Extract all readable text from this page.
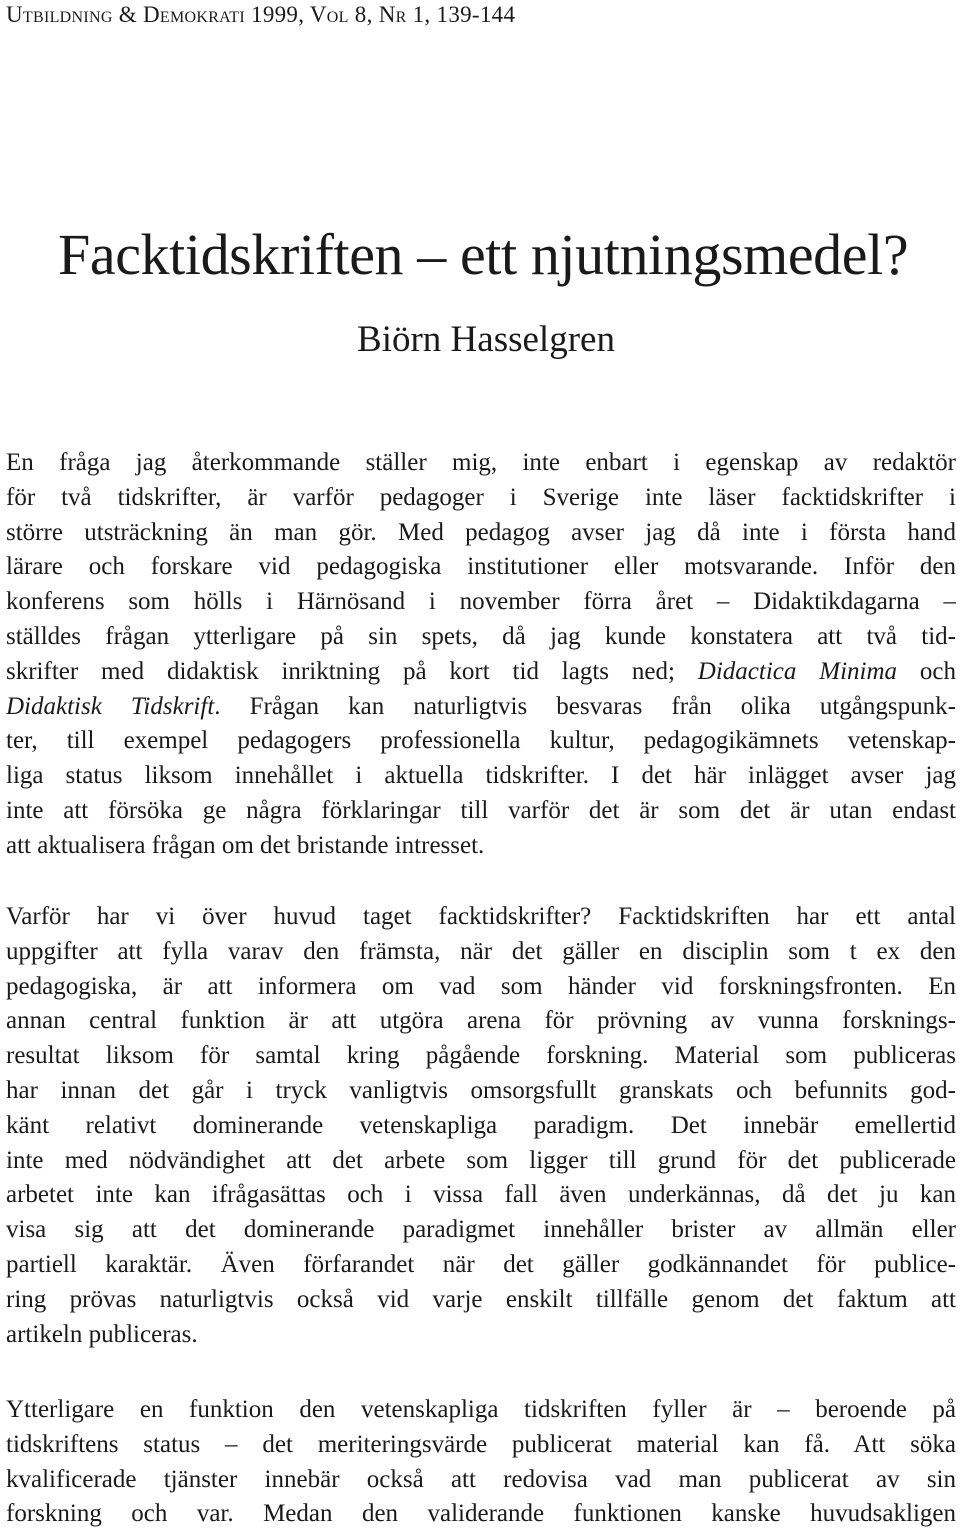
Utbildning & Demokrati 1999, Vol 8, Nr 1, 139-144
Facktidskriften – ett njutningsmedel?
Biörn Hasselgren

En fråga jag återkommande ställer mig, inte enbart i egenskap av redaktör
för två tidskrifter, är varför pedagoger i Sverige inte läser facktidskrifter i
större utsträckning än man gör. Med pedagog avser jag då inte i första hand
lärare och forskare vid pedagogiska institutioner eller motsvarande. Inför den
konferens som hölls i Härnösand i november förra året – Didaktikdagarna –
ställdes frågan ytterligare på sin spets, då jag kunde konstatera att två tid-
skrifter med didaktisk inriktning på kort tid lagts ned; Didactica Minima och
Didaktisk Tidskrift. Frågan kan naturligtvis besvaras från olika utgångspunk-
ter, till exempel pedagogers professionella kultur, pedagogikämnets vetenskap-
liga status liksom innehållet i aktuella tidskrifter. I det här inlägget avser jag
inte att försöka ge några förklaringar till varför det är som det är utan endast
att aktualisera frågan om det bristande intresset.

Varför har vi över huvud taget facktidskrifter? Facktidskriften har ett antal
uppgifter att fylla varav den främsta, när det gäller en disciplin som t ex den
pedagogiska, är att informera om vad som händer vid forskningsfronten. En
annan central funktion är att utgöra arena för prövning av vunna forsknings-
resultat liksom för samtal kring pågående forskning. Material som publiceras
har innan det går i tryck vanligtvis omsorgsfullt granskats och befunnits god-
känt relativt dominerande vetenskapliga paradigm. Det innebär emellertid
inte med nödvändighet att det arbete som ligger till grund för det publicerade
arbetet inte kan ifrågasättas och i vissa fall även underkännas, då det ju kan
visa sig att det dominerande paradigmet innehåller brister av allmän eller
partiell karaktär. Även förfarandet när det gäller godkännandet för publice-
ring prövas naturligtvis också vid varje enskilt tillfälle genom det faktum att
artikeln publiceras.

Ytterligare en funktion den vetenskapliga tidskriften fyller är – beroende på
tidskriftens status – det meriteringsvärde publicerat material kan få. Att söka
kvalificerade tjänster innebär också att redovisa vad man publicerat av sin
forskning och var. Medan den validerande funktionen kanske huvudsakligen
